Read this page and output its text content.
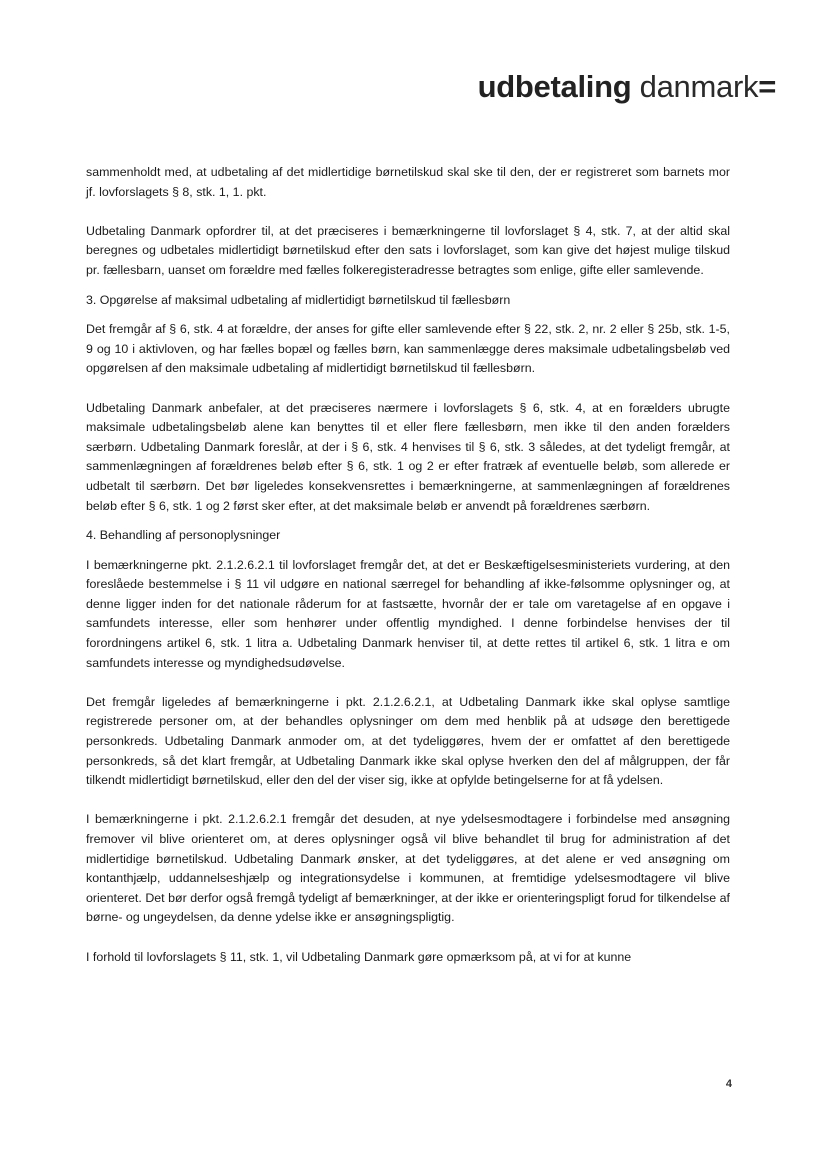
udbetaling danmark=

sammenholdt med, at udbetaling af det midlertidige børnetilskud skal ske til den, der er registreret som barnets mor jf. lovforslagets § 8, stk. 1, 1. pkt.

Udbetaling Danmark opfordrer til, at det præciseres i bemærkningerne til lovforslaget § 4, stk. 7, at der altid skal beregnes og udbetales midlertidigt børnetilskud efter den sats i lovforslaget, som kan give det højest mulige tilskud pr. fællesbarn, uanset om forældre med fælles folkeregisteradresse betragtes som enlige, gifte eller samlevende.

3. Opgørelse af maksimal udbetaling af midlertidigt børnetilskud til fællesbørn

Det fremgår af § 6, stk. 4 at forældre, der anses for gifte eller samlevende efter § 22, stk. 2, nr. 2 eller § 25b, stk. 1-5, 9 og 10 i aktivloven, og har fælles bopæl og fælles børn, kan sammenlægge deres maksimale udbetalingsbeløb ved opgørelsen af den maksimale udbetaling af midlertidigt børnetilskud til fællesbørn.

Udbetaling Danmark anbefaler, at det præciseres nærmere i lovforslagets § 6, stk. 4, at en forælders ubrugte maksimale udbetalingsbeløb alene kan benyttes til et eller flere fællesbørn, men ikke til den anden forælders særbørn. Udbetaling Danmark foreslår, at der i § 6, stk. 4 henvises til § 6, stk. 3 således, at det tydeligt fremgår, at sammenlægningen af forældrenes beløb efter § 6, stk. 1 og 2 er efter fratræk af eventuelle beløb, som allerede er udbetalt til særbørn. Det bør ligeledes konsekvensrettes i bemærkningerne, at sammenlægningen af forældrenes beløb efter § 6, stk. 1 og 2 først sker efter, at det maksimale beløb er anvendt på forældrenes særbørn.

4. Behandling af personoplysninger

I bemærkningerne pkt. 2.1.2.6.2.1 til lovforslaget fremgår det, at det er Beskæftigelsesministeriets vurdering, at den foreslåede bestemmelse i § 11 vil udgøre en national særregel for behandling af ikke-følsomme oplysninger og, at denne ligger inden for det nationale råderum for at fastsætte, hvornår der er tale om varetagelse af en opgave i samfundets interesse, eller som henhører under offentlig myndighed. I denne forbindelse henvises der til forordningens artikel 6, stk. 1 litra a. Udbetaling Danmark henviser til, at dette rettes til artikel 6, stk. 1 litra e om samfundets interesse og myndighedsudøvelse.

Det fremgår ligeledes af bemærkningerne i pkt. 2.1.2.6.2.1, at Udbetaling Danmark ikke skal oplyse samtlige registrerede personer om, at der behandles oplysninger om dem med henblik på at udsøge den berettigede personkreds. Udbetaling Danmark anmoder om, at det tydeliggøres, hvem der er omfattet af den berettigede personkreds, så det klart fremgår, at Udbetaling Danmark ikke skal oplyse hverken den del af målgruppen, der får tilkendt midlertidigt børnetilskud, eller den del der viser sig, ikke at opfylde betingelserne for at få ydelsen.

I bemærkningerne i pkt. 2.1.2.6.2.1 fremgår det desuden, at nye ydelsesmodtagere i forbindelse med ansøgning fremover vil blive orienteret om, at deres oplysninger også vil blive behandlet til brug for administration af det midlertidige børnetilskud. Udbetaling Danmark ønsker, at det tydeliggøres, at det alene er ved ansøgning om kontanthjælp, uddannelseshjælp og integrationsydelse i kommunen, at fremtidige ydelsesmodtagere vil blive orienteret. Det bør derfor også fremgå tydeligt af bemærkninger, at der ikke er orienteringspligt forud for tilkendelse af børne- og ungeydelsen, da denne ydelse ikke er ansøgningspligtig.

I forhold til lovforslagets § 11, stk. 1, vil Udbetaling Danmark gøre opmærksom på, at vi for at kunne

4
